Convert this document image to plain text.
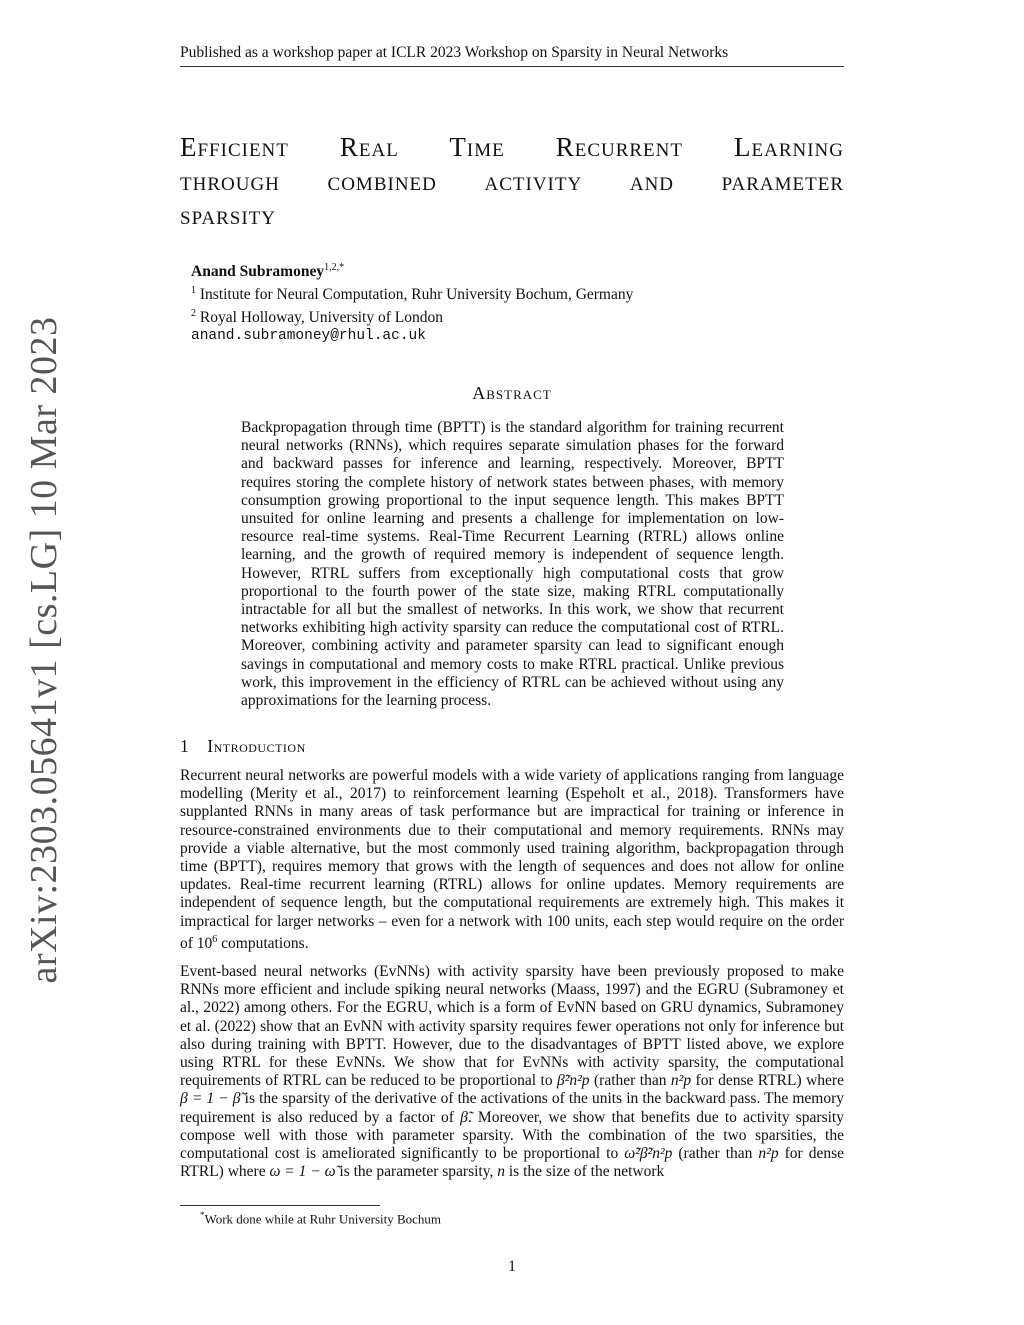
Published as a workshop paper at ICLR 2023 Workshop on Sparsity in Neural Networks
arXiv:2303.05641v1 [cs.LG] 10 Mar 2023
Efficient Real Time Recurrent Learning
through combined activity and parameter
sparsity
Anand Subramoney$^{1,2,*}$
$^1$ Institute for Neural Computation, Ruhr University Bochum, Germany
$^2$ Royal Holloway, University of London
anand.subramoney@rhul.ac.uk
Abstract
Backpropagation through time (BPTT) is the standard algorithm for training recurrent neural networks (RNNs), which requires separate simulation phases for the forward and backward passes for inference and learning, respectively. Moreover, BPTT requires storing the complete history of network states between phases, with memory consumption growing proportional to the input sequence length. This makes BPTT unsuited for online learning and presents a challenge for implementation on low-resource real-time systems. Real-Time Recurrent Learning (RTRL) allows online learning, and the growth of required memory is independent of sequence length. However, RTRL suffers from exceptionally high computational costs that grow proportional to the fourth power of the state size, making RTRL computationally intractable for all but the smallest of networks. In this work, we show that recurrent networks exhibiting high activity sparsity can reduce the computational cost of RTRL. Moreover, combining activity and parameter sparsity can lead to significant enough savings in computational and memory costs to make RTRL practical. Unlike previous work, this improvement in the efficiency of RTRL can be achieved without using any approximations for the learning process.
1 Introduction
Recurrent neural networks are powerful models with a wide variety of applications ranging from language modelling (Merity et al., 2017) to reinforcement learning (Espeholt et al., 2018). Transformers have supplanted RNNs in many areas of task performance but are impractical for training or inference in resource-constrained environments due to their computational and memory requirements. RNNs may provide a viable alternative, but the most commonly used training algorithm, backpropagation through time (BPTT), requires memory that grows with the length of sequences and does not allow for online updates. Real-time recurrent learning (RTRL) allows for online updates. Memory requirements are independent of sequence length, but the computational requirements are extremely high. This makes it impractical for larger networks – even for a network with 100 units, each step would require on the order of $10^6$ computations.
Event-based neural networks (EvNNs) with activity sparsity have been previously proposed to make RNNs more efficient and include spiking neural networks (Maass, 1997) and the EGRU (Subramoney et al., 2022) among others. For the EGRU, which is a form of EvNN based on GRU dynamics, Subramoney et al. (2022) show that an EvNN with activity sparsity requires fewer operations not only for inference but also during training with BPTT. However, due to the disadvantages of BPTT listed above, we explore using RTRL for these EvNNs. We show that for EvNNs with activity sparsity, the computational requirements of RTRL can be reduced to be proportional to β̃²n²p (rather than n²p for dense RTRL) where β = 1 − β̃ is the sparsity of the derivative of the activations of the units in the backward pass. The memory requirement is also reduced by a factor of β̃. Moreover, we show that benefits due to activity sparsity compose well with those with parameter sparsity. With the combination of the two sparsities, the computational cost is ameliorated significantly to be proportional to ω̃²β̃²n²p (rather than n²p for dense RTRL) where ω = 1 − ω̃ is the parameter sparsity, n is the size of the network
*Work done while at Ruhr University Bochum
1
